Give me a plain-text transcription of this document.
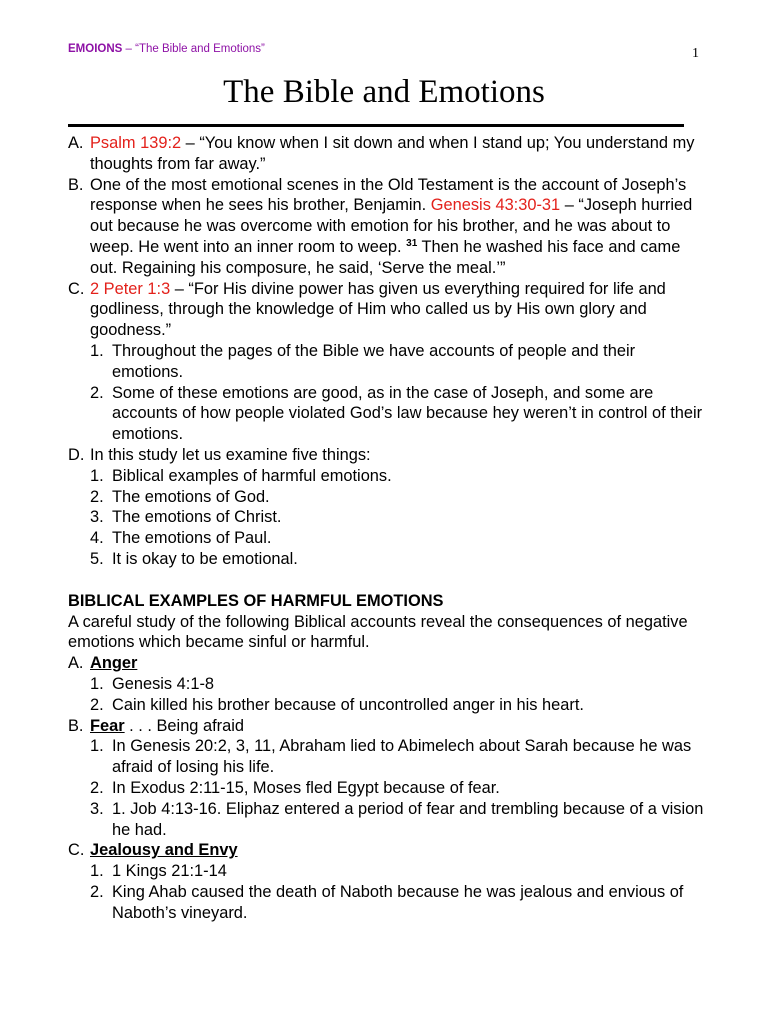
EMOIONS – “The Bible and Emotions”	1
The Bible and Emotions
A. Psalm 139:2 – “You know when I sit down and when I stand up; You understand my thoughts from far away.”
B. One of the most emotional scenes in the Old Testament is the account of Joseph’s response when he sees his brother, Benjamin. Genesis 43:30-31 – “Joseph hurried out because he was overcome with emotion for his brother, and he was about to weep. He went into an inner room to weep. $^{31}$ Then he washed his face and came out. Regaining his composure, he said, ‘Serve the meal.’”
C. 2 Peter 1:3 – “For His divine power has given us everything required for life and godliness, through the knowledge of Him who called us by His own glory and goodness.”
1. Throughout the pages of the Bible we have accounts of people and their emotions.
2. Some of these emotions are good, as in the case of Joseph, and some are accounts of how people violated God’s law because hey weren’t in control of their emotions.
D. In this study let us examine five things:
1. Biblical examples of harmful emotions.
2. The emotions of God.
3. The emotions of Christ.
4. The emotions of Paul.
5. It is okay to be emotional.
BIBLICAL EXAMPLES OF HARMFUL EMOTIONS
A careful study of the following Biblical accounts reveal the consequences of negative emotions which became sinful or harmful.
A. Anger
1. Genesis 4:1-8
2. Cain killed his brother because of uncontrolled anger in his heart.
B. Fear . . . Being afraid
1. In Genesis 20:2, 3, 11, Abraham lied to Abimelech about Sarah because he was afraid of losing his life.
2. In Exodus 2:11-15, Moses fled Egypt because of fear.
3. 1. Job 4:13-16. Eliphaz entered a period of fear and trembling because of a vision he had.
C. Jealousy and Envy
1. 1 Kings 21:1-14
2. King Ahab caused the death of Naboth because he was jealous and envious of Naboth’s vineyard.
